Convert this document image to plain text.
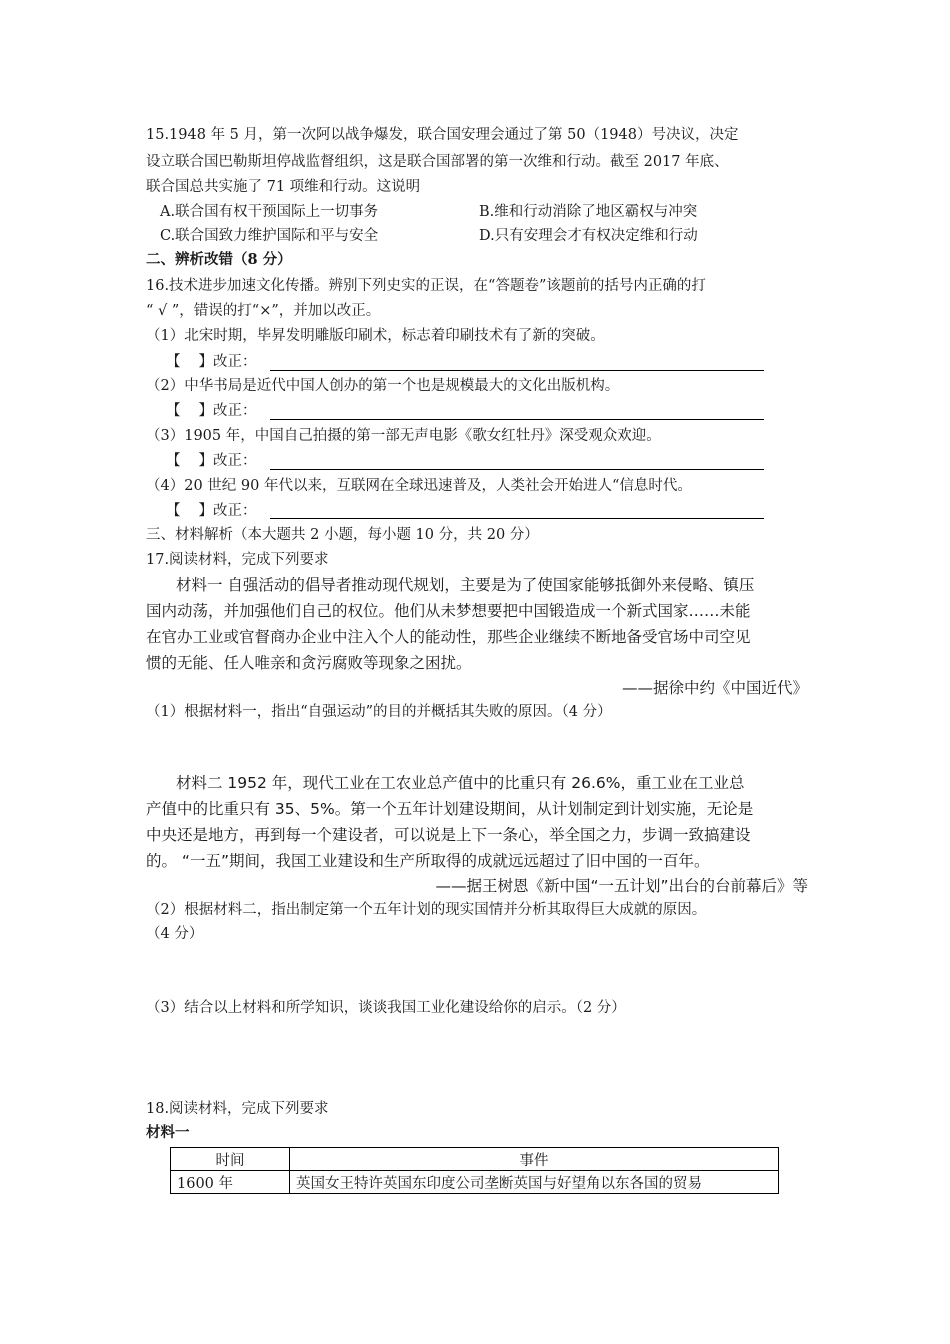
15.1948 年 5 月，第一次阿以战争爆发，联合国安理会通过了第 50（1948）号决议，决定
设立联合国巴勒斯坦停战监督组织，这是联合国部署的第一次维和行动。截至 2017 年底、
联合国总共实施了 71 项维和行动。这说明
A.联合国有权干预国际上一切事务	B.维和行动消除了地区霸权与冲突
C.联合国致力维护国际和平与安全	D.只有安理会才有权决定维和行动
二、辨析改错（8 分）
16.技术进步加速文化传播。辨别下列史实的正误，在“答题卷”该题前的括号内正确的打
“ √ ”，错误的打“×”，并加以改正。
（1）北宋时期，毕昇发明雕版印刷术，标志着印刷技术有了新的突破。
【 】改正：
（2）中华书局是近代中国人创办的第一个也是规模最大的文化出版机构。
【 】改正：
（3）1905 年，中国自己拍摄的第一部无声电影《歌女红牡丹》深受观众欢迎。
【 】改正：
（4）20 世纪 90 年代以来，互联网在全球迅速普及，人类社会开始进人“信息时代。
【 】改正：
三、材料解析（本大题共 2 小题，每小题 10 分，共 20 分）
17.阅读材料，完成下列要求
材料一 自强活动的倡导者推动现代规划，主要是为了使国家能够抵御外来侵略、镇压
国内动荡，并加强他们自己的权位。他们从未梦想要把中国锻造成一个新式国家……未能
在官办工业或官督商办企业中注入个人的能动性，那些企业继续不断地备受官场中司空见
惯的无能、任人唯亲和贪污腐败等现象之困扰。
——据徐中约《中国近代》
（1）根据材料一，指出“自强运动”的目的并概括其失败的原因。（4 分）
材料二 1952 年，现代工业在工农业总产值中的比重只有 26.6%，重工业在工业总
产值中的比重只有 35、5%。第一个五年计划建设期间，从计划制定到计划实施，无论是
中央还是地方，再到每一个建设者，可以说是上下一条心，举全国之力，步调一致搞建设
的。 “一五”期间，我国工业建设和生产所取得的成就远远超过了旧中国的一百年。
——据王树恩《新中国“一五计划”出台的台前幕后》等
（2）根据材料二，指出制定第一个五年计划的现实国情并分析其取得巨大成就的原因。
（4 分）
（3）结合以上材料和所学知识，谈谈我国工业化建设给你的启示。（2 分）
18.阅读材料，完成下列要求
材料一
时间	事件
1600 年	英国女王特许英国东印度公司垄断英国与好望角以东各国的贸易
